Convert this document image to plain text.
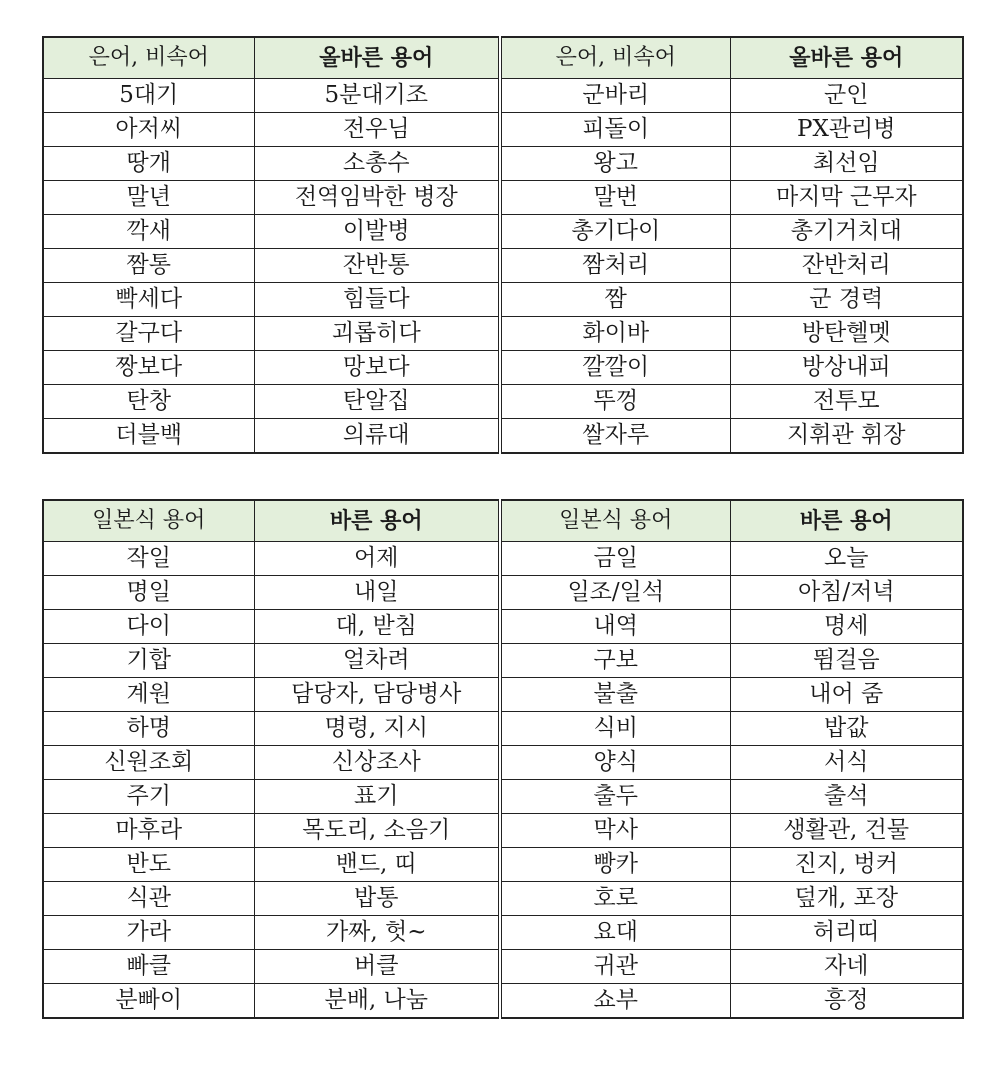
은어, 비속어	올바른 용어	은어, 비속어	올바른 용어
5대기	5분대기조	군바리	군인
아저씨	전우님	피돌이	PX관리병
땅개	소총수	왕고	최선임
말년	전역임박한 병장	말번	마지막 근무자
깍새	이발병	총기다이	총기거치대
짬통	잔반통	짬처리	잔반처리
빡세다	힘들다	짬	군 경력
갈구다	괴롭히다	화이바	방탄헬멧
짱보다	망보다	깔깔이	방상내피
탄창	탄알집	뚜껑	전투모
더블백	의류대	쌀자루	지휘관 휘장
일본식 용어	바른 용어	일본식 용어	바른 용어
작일	어제	금일	오늘
명일	내일	일조/일석	아침/저녁
다이	대, 받침	내역	명세
기합	얼차려	구보	뜀걸음
계원	담당자, 담당병사	불출	내어 줌
하명	명령, 지시	식비	밥값
신원조회	신상조사	양식	서식
주기	표기	출두	출석
마후라	목도리, 소음기	막사	생활관, 건물
반도	밴드, 띠	빵카	진지, 벙커
식관	밥통	호로	덮개, 포장
가라	가짜, 헛~	요대	허리띠
빠클	버클	귀관	자네
분빠이	분배, 나눔	쇼부	흥정
